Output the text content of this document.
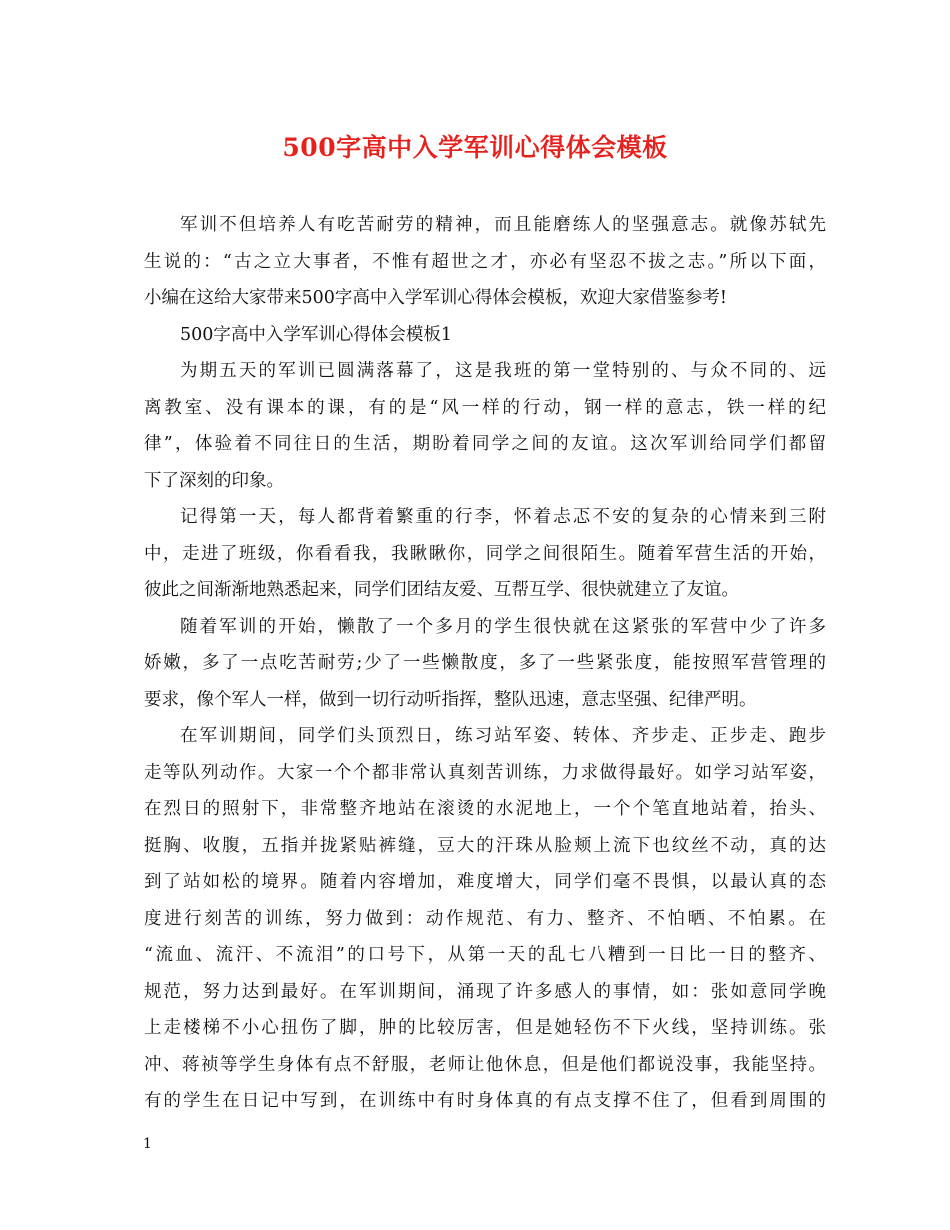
500字高中入学军训心得体会模板
军训不但培养人有吃苦耐劳的精神，而且能磨练人的坚强意志。就像苏轼先
生说的：“古之立大事者，不惟有超世之才，亦必有坚忍不拔之志。”所以下面，
小编在这给大家带来500字高中入学军训心得体会模板，欢迎大家借鉴参考!
500字高中入学军训心得体会模板1
为期五天的军训已圆满落幕了，这是我班的第一堂特别的、与众不同的、远
离教室、没有课本的课，有的是“风一样的行动，钢一样的意志，铁一样的纪
律”，体验着不同往日的生活，期盼着同学之间的友谊。这次军训给同学们都留
下了深刻的印象。
记得第一天，每人都背着繁重的行李，怀着忐忑不安的复杂的心情来到三附
中，走进了班级，你看看我，我瞅瞅你，同学之间很陌生。随着军营生活的开始，
彼此之间渐渐地熟悉起来，同学们团结友爱、互帮互学、很快就建立了友谊。
随着军训的开始，懒散了一个多月的学生很快就在这紧张的军营中少了许多
娇嫩，多了一点吃苦耐劳;少了一些懒散度，多了一些紧张度，能按照军营管理的
要求，像个军人一样，做到一切行动听指挥，整队迅速，意志坚强、纪律严明。
在军训期间，同学们头顶烈日，练习站军姿、转体、齐步走、正步走、跑步
走等队列动作。大家一个个都非常认真刻苦训练，力求做得最好。如学习站军姿，
在烈日的照射下，非常整齐地站在滚烫的水泥地上，一个个笔直地站着，抬头、
挺胸、收腹，五指并拢紧贴裤缝，豆大的汗珠从脸颊上流下也纹丝不动，真的达
到了站如松的境界。随着内容增加，难度增大，同学们毫不畏惧，以最认真的态
度进行刻苦的训练，努力做到：动作规范、有力、整齐、不怕晒、不怕累。在
“流血、流汗、不流泪”的口号下，从第一天的乱七八糟到一日比一日的整齐、
规范，努力达到最好。在军训期间，涌现了许多感人的事情，如：张如意同学晚
上走楼梯不小心扭伤了脚，肿的比较厉害，但是她轻伤不下火线，坚持训练。张
冲、蒋祯等学生身体有点不舒服，老师让他休息，但是他们都说没事，我能坚持。
有的学生在日记中写到，在训练中有时身体真的有点支撑不住了，但看到周围的
1
